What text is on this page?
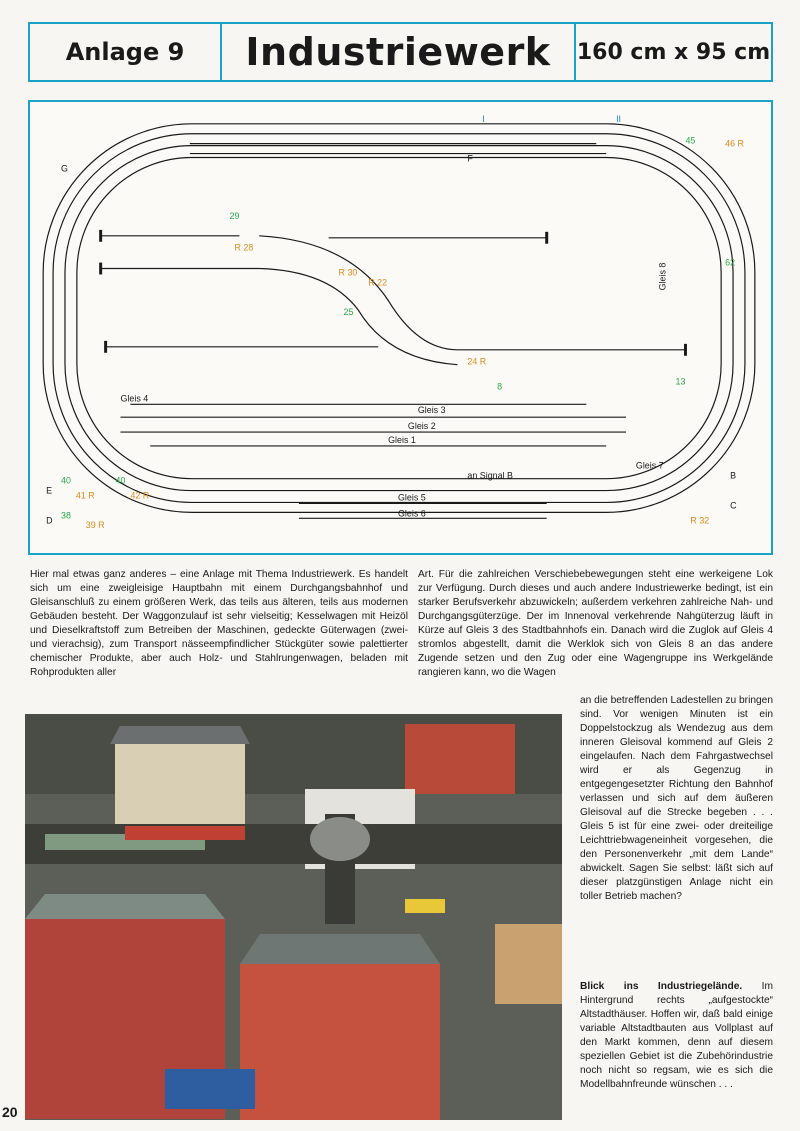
Anlage 9	Industriewerk	160 cm x 95 cm
Gleis 3
Gleis 2
Gleis 1
Gleis 4
Gleis 5
Gleis 6
Gleis 7
Gleis 8
an Signal B
G
F
E
D
B
C
I	II
29
25
8	13
40	40
38
62
45
R 28
R 30
R 22
24 R
41 R	42 R
39 R	R 32
46 R
Hier mal etwas ganz anderes – eine Anlage mit Thema Industriewerk. Es handelt sich um eine zweigleisige Hauptbahn mit einem Durchgangsbahnhof und Gleisanschluß zu einem größeren Werk, das teils aus älteren, teils aus modernen Gebäuden besteht. Der Waggonzulauf ist sehr vielseitig; Kesselwagen mit Heizöl und Dieselkraftstoff zum Betreiben der Maschinen, gedeckte Güterwagen (zwei- und vierachsig), zum Transport nässeempfindlicher Stückgüter sowie palettierter chemischer Produkte, aber auch Holz- und Stahlrungenwagen, beladen mit Rohprodukten aller
Art. Für die zahlreichen Verschiebebewegungen steht eine werkeigene Lok zur Verfügung. Durch dieses und auch andere Industriewerke bedingt, ist ein starker Berufsverkehr abzuwickeln; außerdem verkehren zahlreiche Nah- und Durchgangsgüterzüge. Der im Innenoval verkehrende Nahgüterzug läuft in Kürze auf Gleis 3 des Stadtbahnhofs ein. Danach wird die Zuglok auf Gleis 4 stromlos abgestellt, damit die Werklok sich von Gleis 8 an das andere Zugende setzen und den Zug oder eine Wagengruppe ins Werkgelände rangieren kann, wo die Wagen
an die betreffenden Ladestellen zu bringen sind. Vor wenigen Minuten ist ein Doppelstockzug als Wendezug aus dem inneren Gleisoval kommend auf Gleis 2 eingelaufen. Nach dem Fahrgastwechsel wird er als Gegenzug in entgegengesetzter Richtung den Bahnhof verlassen und sich auf dem äußeren Gleisoval auf die Strecke begeben . . . Gleis 5 ist für eine zwei- oder dreiteilige Leichttriebwageneinheit vorgesehen, die den Personenverkehr „mit dem Lande“ abwickelt. Sagen Sie selbst: läßt sich auf dieser platzgünstigen Anlage nicht ein toller Betrieb machen?
Blick ins Industriegelände. Im Hintergrund rechts „aufgestockte“ Altstadthäuser. Hoffen wir, daß bald einige variable Altstadtbauten aus Vollplast auf den Markt kommen, denn auf diesem speziellen Gebiet ist die Zubehörindustrie noch nicht so regsam, wie es sich die Modellbahnfreunde wünschen . . .
20
